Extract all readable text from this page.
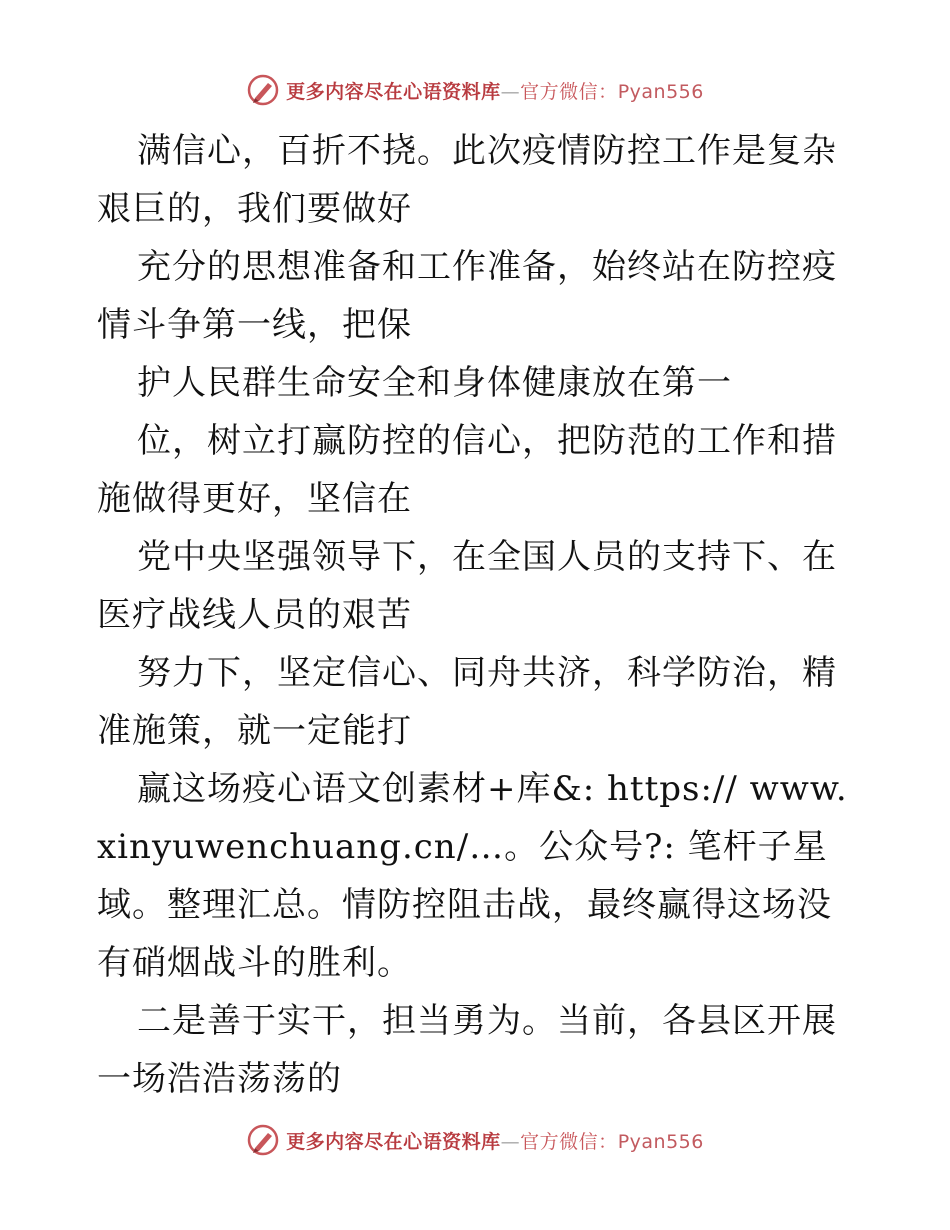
更多内容尽在心语资料库—官方微信：Pyan556

满信心，百折不挠。此次疫情防控工作是复杂艰巨的，我们要做好

充分的思想准备和工作准备，始终站在防控疫情斗争第一线，把保

护人民群生命安全和身体健康放在第一

位，树立打赢防控的信心，把防范的工作和措施做得更好，坚信在

党中央坚强领导下，在全国人员的支持下、在医疗战线人员的艰苦

努力下，坚定信心、同舟共济，科学防治，精准施策，就一定能打

赢这场疫心语文创素材+库&: https:// www.xinyuwenchuang.cn/…。公众号?: 笔杆子星域。整理汇总。情防控阻击战，最终赢得这场没有硝烟战斗的胜利。

二是善于实干，担当勇为。当前，各县区开展一场浩浩荡荡的

更多内容尽在心语资料库—官方微信：Pyan556
